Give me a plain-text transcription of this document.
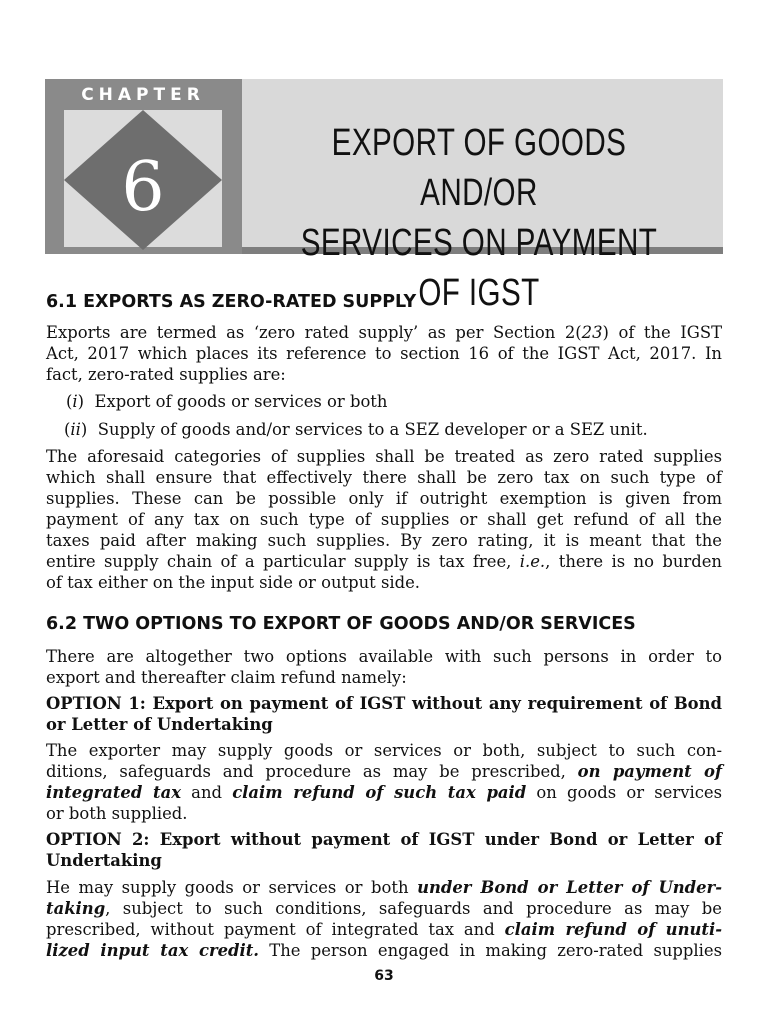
CHAPTER
6
EXPORT OF GOODS AND/OR
SERVICES ON PAYMENT OF IGST
6.1 EXPORTS AS ZERO-RATED SUPPLY
Exports are termed as ‘zero rated supply’ as per Section 2(23) of the IGST
Act, 2017 which places its reference to section 16 of the IGST Act, 2017. In
fact, zero-rated supplies are:
(i)  Export of goods or services or both
(ii)  Supply of goods and/or services to a SEZ developer or a SEZ unit.
The aforesaid categories of supplies shall be treated as zero rated supplies
which shall ensure that effectively there shall be zero tax on such type of
supplies. These can be possible only if outright exemption is given from
payment of any tax on such type of supplies or shall get refund of all the
taxes paid after making such supplies. By zero rating, it is meant that the
entire supply chain of a particular supply is tax free, i.e., there is no burden
of tax either on the input side or output side.
6.2 TWO OPTIONS TO EXPORT OF GOODS AND/OR SERVICES
There are altogether two options available with such persons in order to
export and thereafter claim refund namely:
OPTION 1: Export on payment of IGST without any requirement of Bond
or Letter of Undertaking
The exporter may supply goods or services or both, subject to such con-
ditions, safeguards and procedure as may be prescribed, on payment of
integrated tax and claim refund of such tax paid on goods or services
or both supplied.
OPTION 2: Export without payment of IGST under Bond or Letter of
Undertaking
He may supply goods or services or both under Bond or Letter of Under-
taking, subject to such conditions, safeguards and procedure as may be
prescribed, without payment of integrated tax and claim refund of unuti-
lized input tax credit. The person engaged in making zero-rated supplies
63
